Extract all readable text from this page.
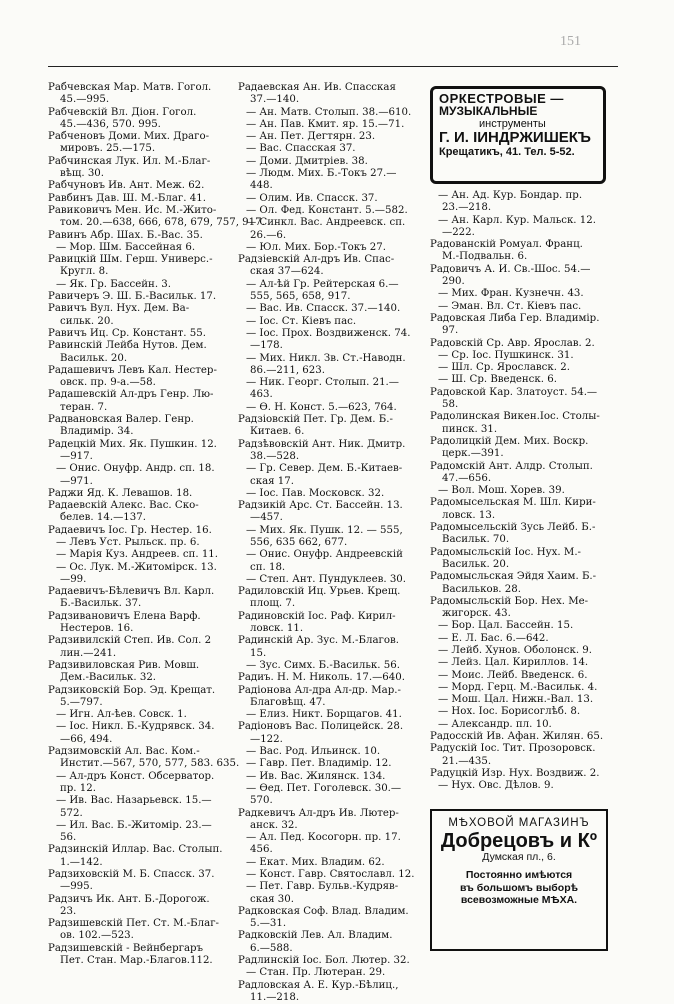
151
Рабчевская Мар. Матв. Гогол.
45.—995.
Рабчевскій Вл. Діон. Гогол.
45.—436, 570. 995.
Рабченовъ Доми. Мих. Драго-
мировъ. 25.—175.
Рабчинская Лук. Ил. М.-Благ-
вѣщ. 30.
Рабчуновъ Ив. Ант. Меж. 62.
Равбинъ Дав. Ш. М.-Благ. 41.
Равиковичъ Мен. Ис. М.-Жито-
том. 20.—638, 666, 678, 679, 757, 917.
Равинъ Абр. Шах. Б.-Вас. 35.
— Мор. Шм. Бассейная 6.
Равицкій Шм. Герш. Универс.-
Кругл. 8.
— Як. Гр. Бассейн. 3.
Равичеръ Э. Ш. Б.-Васильк. 17.
Равичъ Вул. Нух. Дем. Ва-
сильк. 20.
Равичъ Иц. Ср. Констант. 55.
Равинскій Лейба Нутов. Дем.
Васильк. 20.
Радашевичъ Левъ Кал. Нестер-
овск. пр. 9-а.—58.
Радашевскій Ал-дръ Генр. Лю-
теран. 7.
Радвановская Валер. Генр.
Владимір. 34.
Радецкій Мих. Як. Пушкин. 12.
—917.
— Онис. Онуфр. Андр. сп. 18.
—971.
Раджи Яд. К. Левашов. 18.
Радаевскій Алекс. Вас. Ско-
белев. 14.—137.
Радаевичъ Іос. Гр. Нестер. 16.
— Левъ Уст. Рыльск. пр. 6.
— Марія Куз. Андреев. сп. 11.
— Ос. Лук. М.-Житомірск. 13.
—99.
Радаевичъ-Бѣлевичъ Вл. Карл.
Б.-Васильк. 37.
Радзивановичъ Елена Варф.
Нестеров. 16.
Радзивилскій Степ. Ив. Сол. 2
лин.—241.
Радзивиловская Рив. Мовш.
Дем.-Васильк. 32.
Радзиковскій Бор. Эд. Крещат.
5.—797.
— Игн. Ал-ѣев. Совск. 1.
— Іос. Никл. Б.-Кудрявск. 34.
—66, 494.
Радзимовскій Ал. Вас. Ком.-
Инстит.—567, 570, 577, 583. 635.
— Ал-дръ Конст. Обсерватор.
пр. 12.
— Ив. Вас. Назарьевск. 15.—
572.
— Ил. Вас. Б.-Житомір. 23.—
56.
Радзинскій Иллар. Вас. Столып.
1.—142.
Радзиховскій М. Б. Спасск. 37.
—995.
Радзичъ Ик. Ант. Б.-Дорогож.
23.
Радзишевскій Пет. Ст. М.-Благ-
ов. 102.—523.
Радзишевскій - Вейнбергаръ
Пет. Стан. Мар.-Благов.112.
Радаевская Ан. Ив. Спасская
37.—140.
— Ан. Матв. Столып. 38.—610.
— Ан. Пав. Кмит. яр. 15.—71.
— Ан. Пет. Дегтярн. 23.
— Вас. Спасская 37.
— Доми. Дмитріев. 38.
— Людм. Мих. Б.-Токъ 27.—
448.
— Олим. Ив. Спасск. 37.
— Ол. Фед. Констант. 5.—582.
— Синкл. Вас. Андреевск. сп.
26.—6.
— Юл. Мих. Бор.-Токъ 27.
Радзіевскій Ал-дръ Ив. Спас-
ская 37—624.
— Ал-ѣй Гр. Рейтерская 6.—
555, 565, 658, 917.
— Вас. Ив. Спасск. 37.—140.
— Іос. Ст. Кіевъ пас.
— Іос. Прох. Воздвиженск. 74.
—178.
— Мих. Никл. Зв. Ст.-Наводн.
86.—211, 623.
— Ник. Георг. Столып. 21.—
463.
— Ө. Н. Конст. 5.—623, 764.
Радзіовскій Пет. Гр. Дем. Б.-
Китаев. 6.
Радзѣвовскій Ант. Ник. Дмитр.
38.—528.
— Гр. Север. Дем. Б.-Китаев-
ская 17.
— Іос. Пав. Московск. 32.
Радзикій Арс. Ст. Бассейн. 13.
—457.
— Мих. Як. Пушк. 12. — 555,
556, 635 662, 677.
— Онис. Онуфр. Андреевскій
сп. 18.
— Степ. Ант. Пундуклеев. 30.
Радиловскій Иц. Урьев. Крещ.
площ. 7.
Радиновскій Іос. Раф. Кирил-
ловск. 11.
Радинскій Ар. Зус. М.-Благов.
15.
— Зус. Симх. Б.-Васильк. 56.
Радиъ. Н. М. Николь. 17.—640.
Радіонова Ал-дра Ал-др. Мар.-
Благовѣщ. 47.
— Елиз. Никт. Борщагов. 41.
Радіоновъ Вас. Полицейск. 28.
—122.
— Вас. Род. Ильинск. 10.
— Гавр. Пет. Владимір. 12.
— Ив. Вас. Жилянск. 134.
— Өед. Пет. Гоголевск. 30.—
570.
Радкевичъ Ал-дръ Ив. Лютер-
анск. 32.
— Ал. Пед. Косогорн. пр. 17.
456.
— Екат. Мих. Владим. 62.
— Конст. Гавр. Святославл. 12.
— Пет. Гавр. Бульв.-Кудряв-
ская 30.
Радковская Соф. Влад. Владим.
5.—31.
Радковскій Лев. Ал. Владим.
6.—588.
Радлинскій Іос. Бол. Лютер. 32.
— Стан. Пр. Лютеран. 29.
Радловская А. Е. Кур.-Бѣлиц.,
11.—218.
ОРКЕСТРОВЫЕ —
МУЗЫКАЛЬНЫЕ
инструменты
Г. И. ІИНДРЖИШЕКЪ
Крещатикъ, 41. Тел. 5-52.
— Ан. Ад. Кур. Бондар. пр.
23.—218.
— Ан. Карл. Кур. Мальск. 12.
—222.
Радованскій Ромуал. Франц.
М.-Подвальн. 6.
Радовичъ А. И. Св.-Шос. 54.—
290.
— Мих. Фран. Кузнечн. 43.
— Эман. Вл. Ст. Кіевъ пас.
Радовская Либа Гер. Владимір.
97.
Радовскій Ср. Авр. Ярослав. 2.
— Ср. Іос. Пушкинск. 31.
— Шл. Ср. Ярославск. 2.
— Ш. Ср. Введенск. 6.
Радовской Кар. Златоуст. 54.—
58.
Радолинская Викен.Іос. Столы-
пинск. 31.
Радолицкій Дем. Мих. Воскр.
церк.—391.
Радомскій Ант. Алдр. Столып.
47.—656.
— Вол. Мош. Хорев. 39.
Радомысельская М. Шл. Кири-
ловск. 13.
Радомысельскій Зусь Лейб. Б.-
Васильк. 70.
Радомысльскій Іос. Нух. М.-
Васильк. 20.
Радомысльская Эйдя Хаим. Б.-
Васильков. 28.
Радомысльскій Бор. Нех. Ме-
жигорск. 43.
— Бор. Цал. Бассейн. 15.
— Е. Л. Бас. 6.—642.
— Лейб. Хунов. Оболонск. 9.
— Лейз. Цал. Кириллов. 14.
— Моис. Лейб. Введенск. 6.
— Морд. Герц. М.-Васильк. 4.
— Мош. Цал. Нижн.-Вал. 13.
— Нох. Іос. Борисоглѣб. 8.
— Александр. пл. 10.
Радосскій Ив. Афан. Жилян. 65.
Радускій Іос. Тит. Прозоровск.
21.—435.
Радуцкій Изр. Нух. Воздвиж. 2.
— Нух. Овс. Дѣлов. 9.
МѢХОВОЙ МАГАЗИНЪ
Добрецовъ и Кº
Думская пл., 6.
Постоянно имѣются
въ большомъ выборѣ
всевозможные МѢХА.
